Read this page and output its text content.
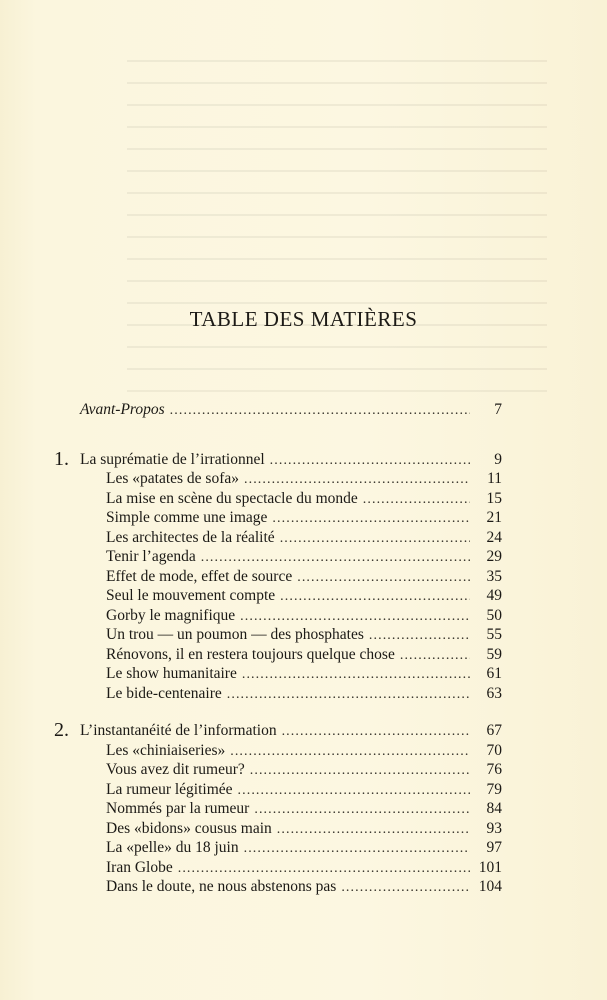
TABLE DES MATIÈRES
Avant-Propos . . .	7
1. La suprématie de l’irrationnel . . .	9
Les «patates de sofa» . . .	11
La mise en scène du spectacle du monde . . .	15
Simple comme une image . . .	21
Les architectes de la réalité . . .	24
Tenir l’agenda . . .	29
Effet de mode, effet de source . . .	35
Seul le mouvement compte . . .	49
Gorby le magnifique . . .	50
Un trou — un poumon — des phosphates . . .	55
Rénovons, il en restera toujours quelque chose . . .	59
Le show humanitaire . . .	61
Le bide-centenaire . . .	63
2. L’instantanéité de l’information . . .	67
Les «chiniaiseries» . . .	70
Vous avez dit rumeur? . . .	76
La rumeur légitimée . . .	79
Nommés par la rumeur . . .	84
Des «bidons» cousus main . . .	93
La «pelle» du 18 juin . . .	97
Iran Globe . . .	101
Dans le doute, ne nous abstenons pas . . .	104
